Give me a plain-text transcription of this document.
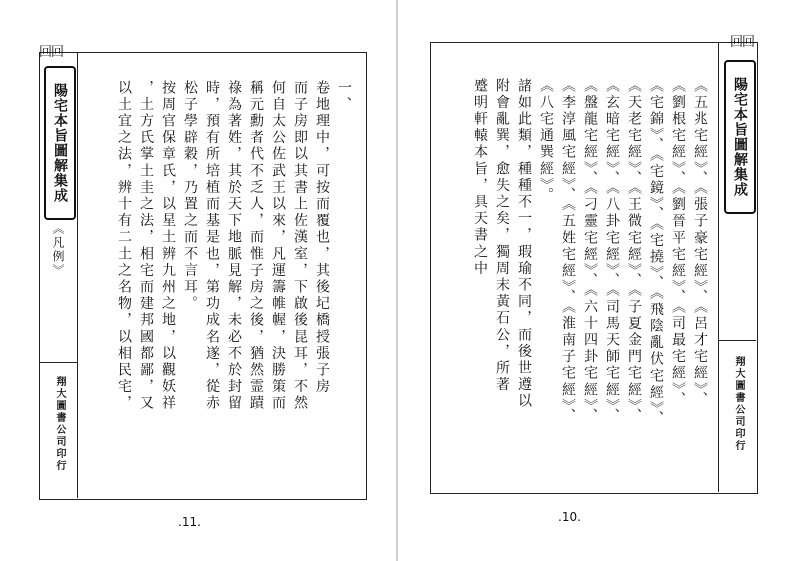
回回
陽宅本旨圖解集成
《凡例》
翔大圖書公司印行
一、
卷地理中，可按而覆也，其後圮橋授張子房
而子房即以其書上佐漢室，下啟後昆耳，不然
何自太公佐武王以來，凡運籌帷幄，決勝策而
稱元勳者代不乏人，而惟子房之後，猶然霊蹟
祿為著姓，其於天下地脈見解，未必不於封留
時，預有所培植而基是也，第功成名遂，從赤
松子學辟穀，乃置之而不言耳。
按周官保章氏，以星土辨九州之地，以觀妖祥
，土方氏掌土圭之法，相宅而建邦國都鄙，又
以土宜之法，辨十有二土之名物，以相民宅，
.11.
回回
陽宅本旨圖解集成
翔大圖書公司印行
《五兆宅經》、《張子豪宅經》、《呂才宅經》、
《劉根宅經》、《劉晉平宅經》、《司最宅經》、
《宅錦》、《宅鏡》、《宅撓》、《飛陰亂伏宅經》、
《天老宅經》、《王微宅經》、《子夏金門宅經》、
《玄暗宅經》、《八卦宅經》、《司馬天師宅經》、
《盤龍宅經》、《刁靈宅經》、《六十四卦宅經》、
《李淳風宅經》、《五姓宅經》、《淮南子宅經》、
《八宅通巽經》。
諸如此類，種種不一，瑕瑜不同，而後世遵以
附會亂巽，愈失之矣，獨周末黃石公，所著
蹙明軒轅本旨，具天書之中
.10.
